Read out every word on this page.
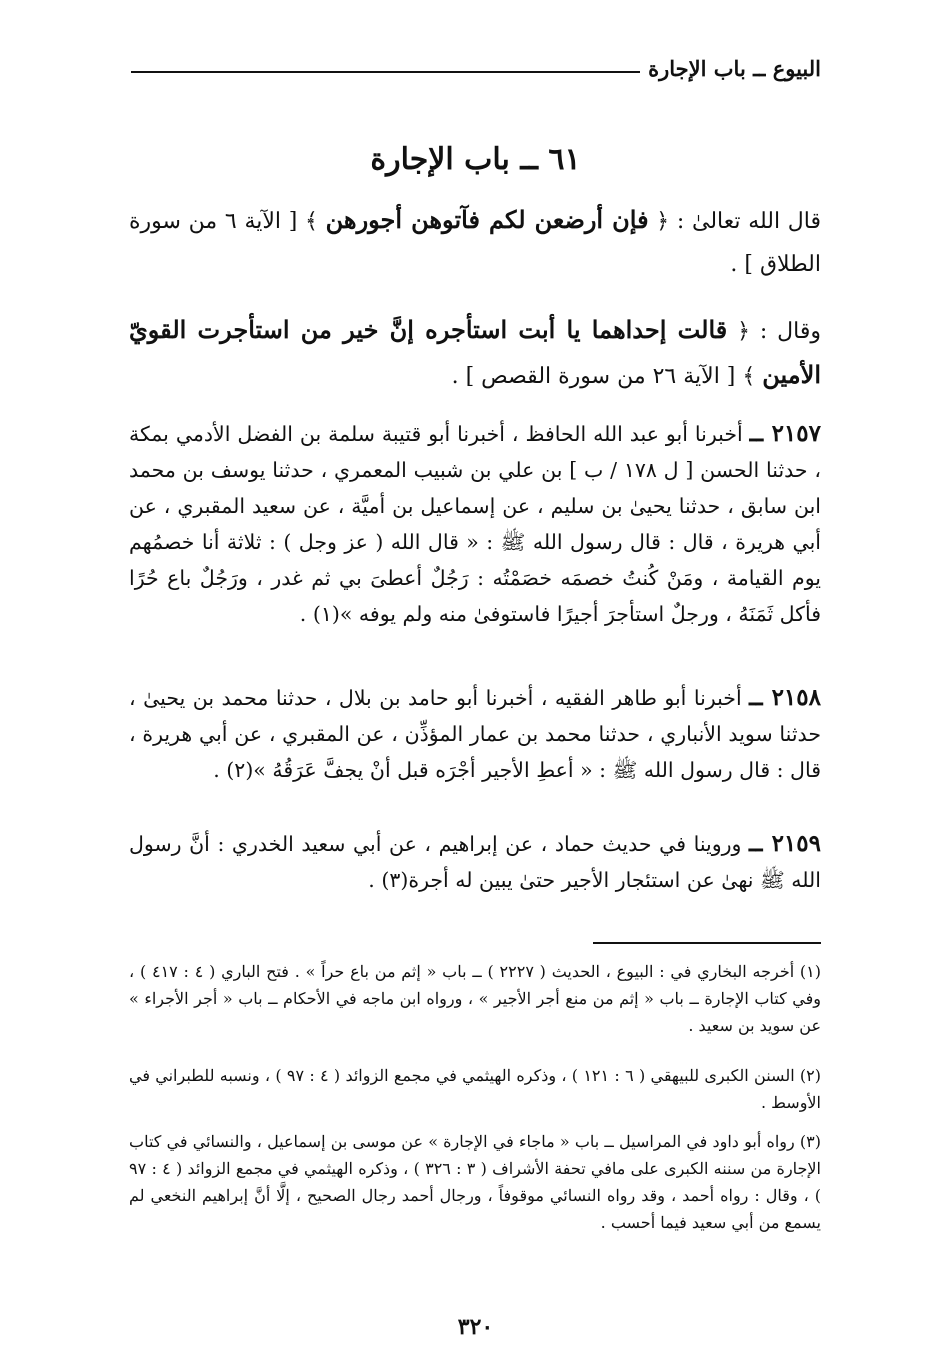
البيوع ــ باب الإجارة
٦١ ــ باب الإجارة

قال الله تعالىٰ : ﴿ فإن أرضعن لكم فآتوهن أجورهن ﴾ [ الآية ٦ من سورة الطلاق ] .

وقال : ﴿ قالت إحداهما يا أبت استأجره إنَّ خير من استأجرت القويّ الأمين ﴾ [ الآية ٢٦ من سورة القصص ] .

٢١٥٧ ــ أخبرنا أبو عبد الله الحافظ ، أخبرنا أبو قتيبة سلمة بن الفضل الأدمي بمكة ، حدثنا الحسن [ ل ١٧٨ / ب ] بن علي بن شبيب المعمري ، حدثنا يوسف بن محمد ابن سابق ، حدثنا يحيىٰ بن سليم ، عن إسماعيل بن أميَّة ، عن سعيد المقبري ، عن أبي هريرة ، قال : قال رسول الله ﷺ : « قال الله ( عز وجل ) : ثلاثة أنا خصمُهم يوم القيامة ، ومَنْ كُنتُ خصمَه خصَمْتُه : رَجُلٌ أعطىَ بي ثم غدر ، ورَجُلٌ باع حُرًا فأكل ثَمَنَهُ ، ورجلٌ استأجرَ أجيرًا فاستوفىٰ منه ولم يوفه »(١) .

٢١٥٨ ــ أخبرنا أبو طاهر الفقيه ، أخبرنا أبو حامد بن بلال ، حدثنا محمد بن يحيىٰ ، حدثنا سويد الأنباري ، حدثنا محمد بن عمار المؤذِّن ، عن المقبري ، عن أبي هريرة ، قال : قال رسول الله ﷺ : « أعطِ الأجير أجْرَه قبل أنْ يجفَّ عَرَقُهُ »(٢) .

٢١٥٩ ــ وروينا في حديث حماد ، عن إبراهيم ، عن أبي سعيد الخدري : أنَّ رسول الله ﷺ نهىٰ عن استئجار الأجير حتىٰ يبين له أجرة(٣) .

(١) أخرجه البخاري في : البيوع ، الحديث ( ٢٢٢٧ ) ــ باب « إثم من باع حراً » . فتح الباري ( ٤ : ٤١٧ ) ، وفي كتاب الإجارة ــ باب « إثم من منع أجر الأجير » ، ورواه ابن ماجه في الأحكام ــ باب « أجر الأجراء » عن سويد بن سعيد .

(٢) السنن الكبرى للبيهقي ( ٦ : ١٢١ ) ، وذكره الهيثمي في مجمع الزوائد ( ٤ : ٩٧ ) ، ونسبه للطبراني في الأوسط .

(٣) رواه أبو داود في المراسيل ــ باب « ماجاء في الإجارة » عن موسى بن إسماعيل ، والنسائي في كتاب الإجارة من سننه الكبرى على مافي تحفة الأشراف ( ٣ : ٣٢٦ ) ، وذكره الهيثمي في مجمع الزوائد ( ٤ : ٩٧ ) ، وقال : رواه أحمد ، وقد رواه النسائي موقوفاً ، ورجال أحمد رجال الصحيح ، إلَّا أنَّ إبراهيم النخعي لم يسمع من أبي سعيد فيما أحسب .

٣٢٠
